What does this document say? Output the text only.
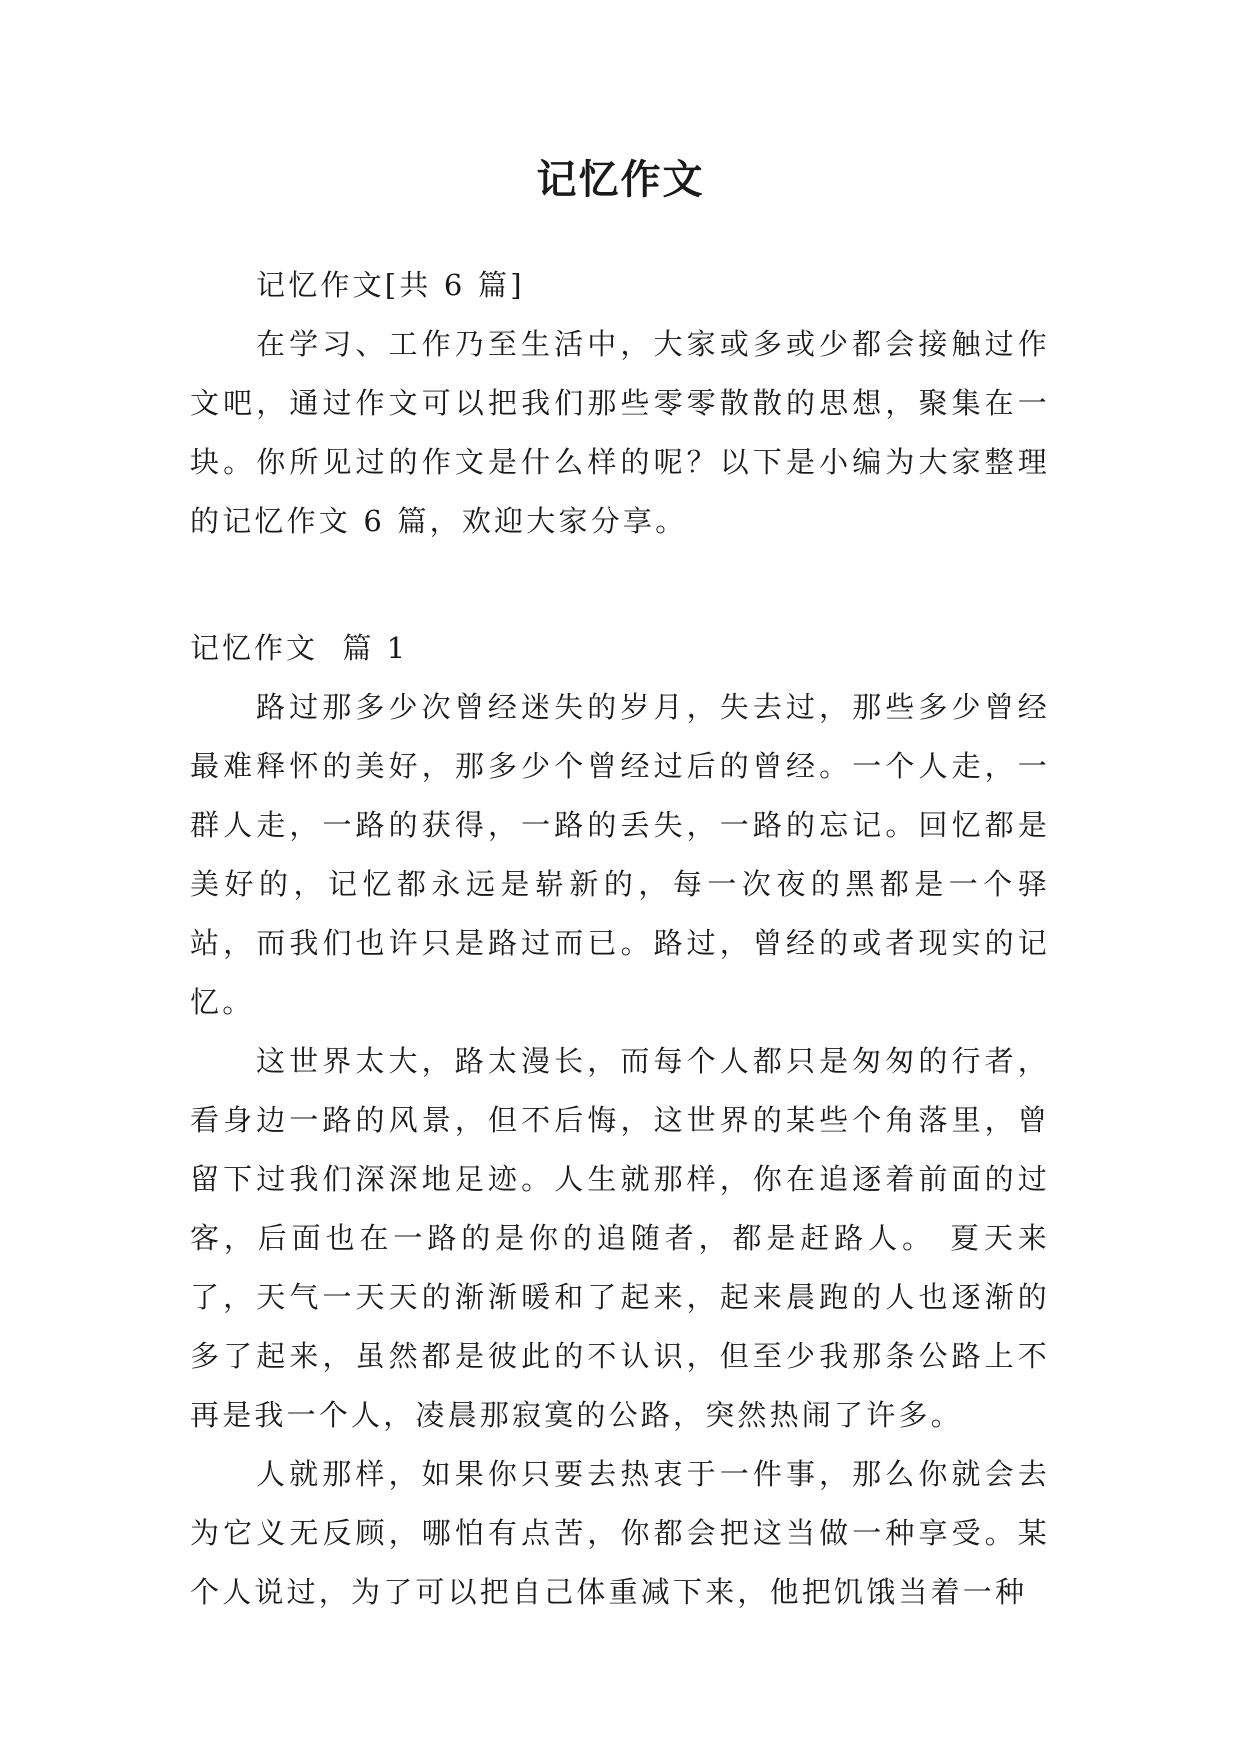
记忆作文

记忆作文[共 6 篇]

在学习、工作乃至生活中，大家或多或少都会接触过作文吧，通过作文可以把我们那些零零散散的思想，聚集在一块。你所见过的作文是什么样的呢？以下是小编为大家整理的记忆作文 6 篇，欢迎大家分享。

记忆作文  篇 1

路过那多少次曾经迷失的岁月，失去过，那些多少曾经最难释怀的美好，那多少个曾经过后的曾经。一个人走，一群人走，一路的获得，一路的丢失，一路的忘记。回忆都是美好的，记忆都永远是崭新的，每一次夜的黑都是一个驿站，而我们也许只是路过而已。路过，曾经的或者现实的记忆。

这世界太大，路太漫长，而每个人都只是匆匆的行者，看身边一路的风景，但不后悔，这世界的某些个角落里，曾留下过我们深深地足迹。人生就那样，你在追逐着前面的过客，后面也在一路的是你的追随者，都是赶路人。 夏天来了，天气一天天的渐渐暖和了起来，起来晨跑的人也逐渐的多了起来，虽然都是彼此的不认识，但至少我那条公路上不再是我一个人，凌晨那寂寞的公路，突然热闹了许多。

人就那样，如果你只要去热衷于一件事，那么你就会去为它义无反顾，哪怕有点苦，你都会把这当做一种享受。某个人说过，为了可以把自己体重减下来，他把饥饿当着一种
